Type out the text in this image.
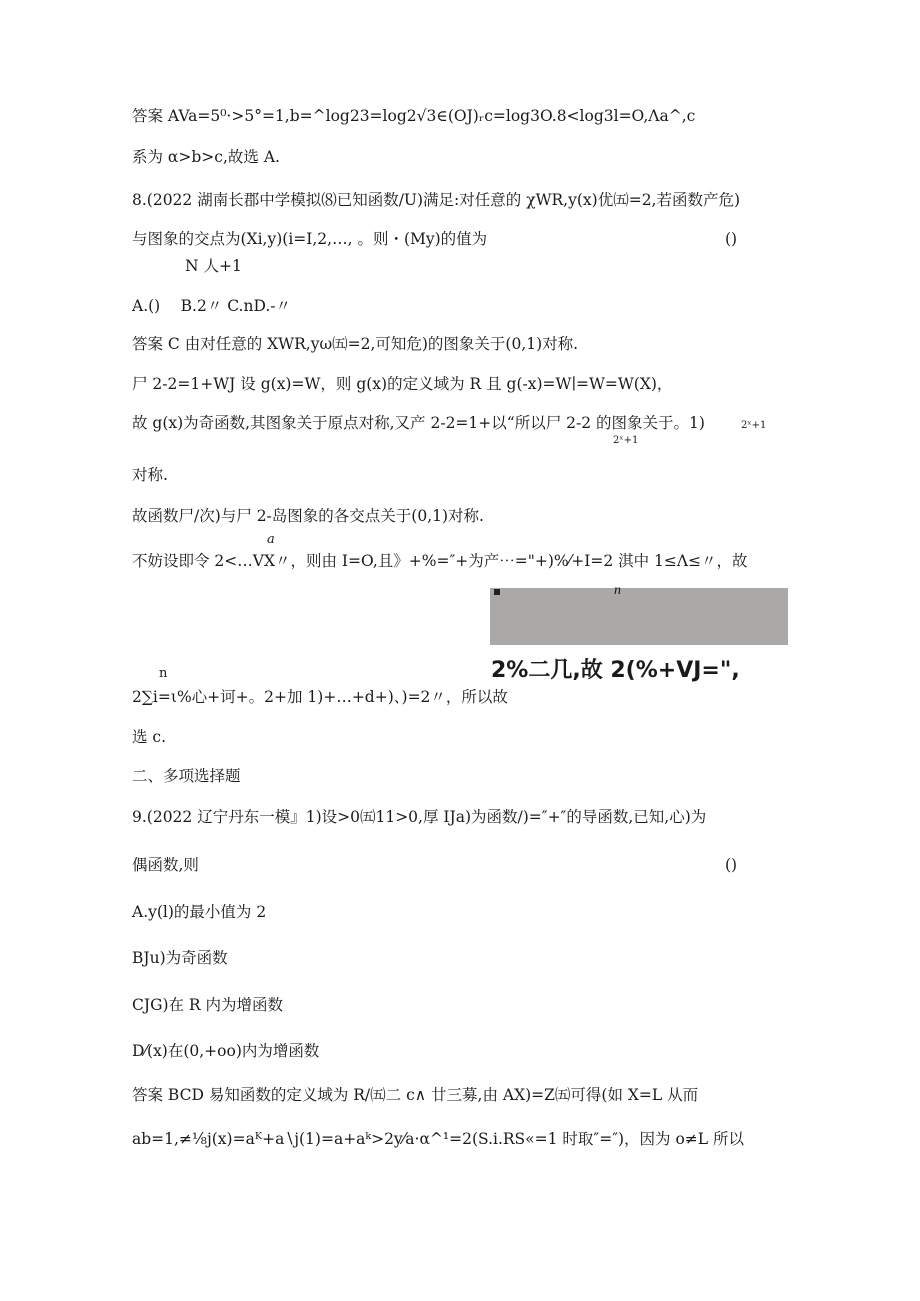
答案 AVa=5⁰·>5°=1,b=^log23=log2√3∈(OJ)ᵣc=log3O.8<log3l=O,Λa^,c
系为 α>b>c,故选 A.
8.(2022 湖南长郡中学模拟⑻已知函数/U)满足:对任意的 χWR,y(x)优㈤=2,若函数产危)
与图象的交点为(Xi,y)(i=I,2,…, 。则・(My)的值为	()
N 人+1
A.()　 B.2〃 C.nD.-〃
答案 C 由对任意的 XWR,yω㈤=2,可知危)的图象关于(0,1)对称.
尸 2-2=1+WJ 设 g(x)=W，则 g(x)的定义域为 R 且 g(-x)=W∣=W=W(X)，
故 g(x)为奇函数,其图象关于原点对称,又产 2-2=1+以“所以尸 2-2 的图象关于。1)	2ˣ+1
2ˣ+1
对称.
故函数尸/次)与尸 2-岛图象的各交点关于(0,1)对称.
a
不妨设即令 2<…VX〃，则由 I=O,且》+%=″+为产⋯="+)%⁄+I=2 淇中 1≤Λ≤〃，故
n
2%二几,故 2(%+VJ=",
n
2∑i=ι%心+诃+。2+加 1)+…+d+)、)=2〃，所以故
选 c.
二、多项选择题
9.(2022 辽宁丹东一模』1)设>0㈤11>0,厚 IJa)为函数/)=″+″的导函数,已知,心)为
偶函数,则	()
A.y(l)的最小值为 2
BJu)为奇函数
CJG)在 R 内为增函数
D⁄(x)在(0,+oo)内为增函数
答案 BCD 易知函数的定义域为 R/㈤二 c∧ 廿三募,由 AX)=Z㈤可得(如 X=L 从而
ab=1,≠⅛j(x)=aᴷ+a∖j(1)=a+aᵏ>2y⁄a·α^¹=2(S.i.RS«=1 时取″=″)，因为 o≠L 所以
